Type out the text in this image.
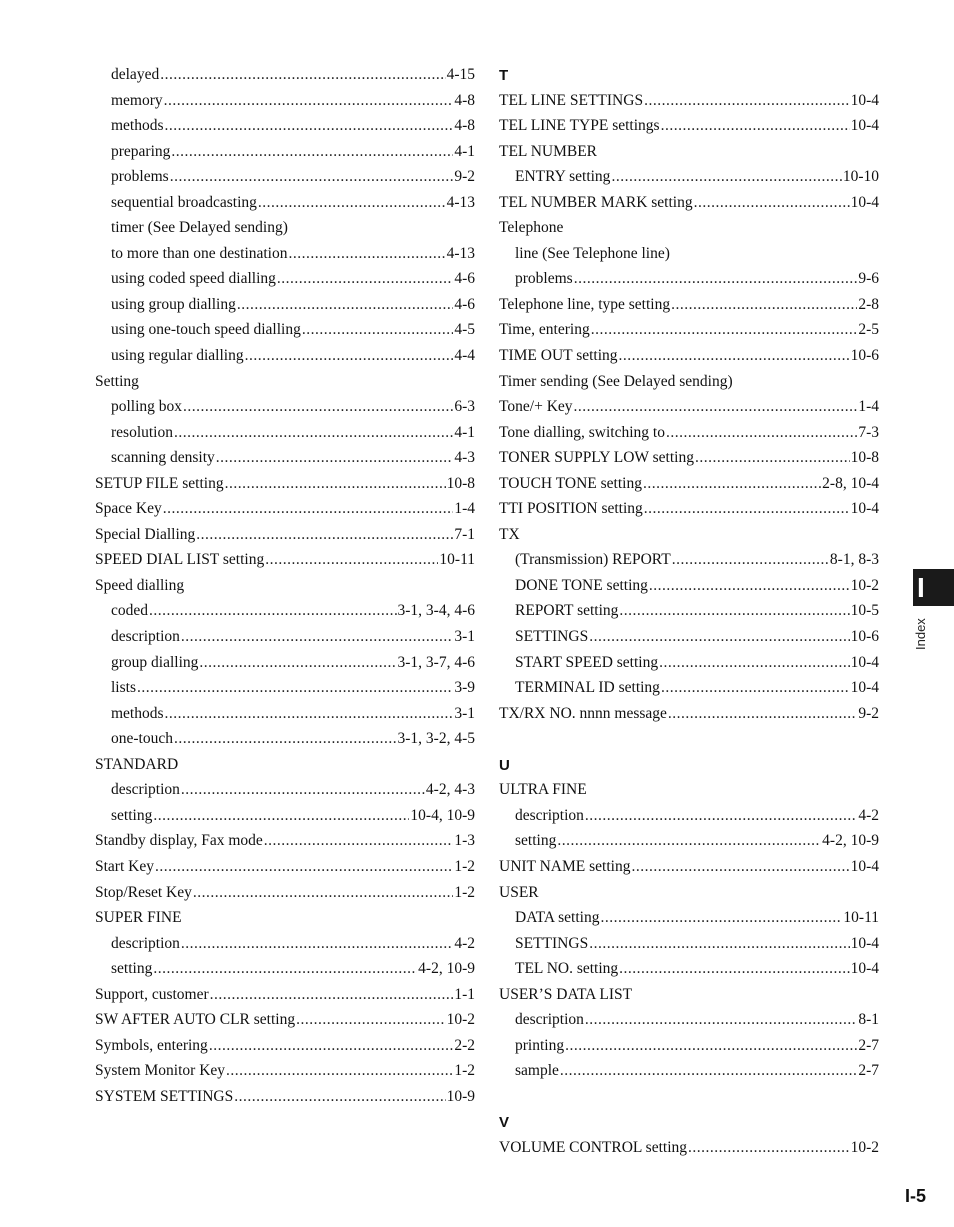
delayed .....	4-15
memory .....	4-8
methods .....	4-8
preparing .....	4-1
problems .....	9-2
sequential broadcasting .....	4-13
timer (See Delayed sending)
to more than one destination .....	4-13
using coded speed dialling .....	4-6
using group dialling .....	4-6
using one-touch speed dialling .....	4-5
using regular dialling .....	4-4
Setting
polling box .....	6-3
resolution .....	4-1
scanning density .....	4-3
SETUP FILE setting .....	10-8
Space Key .....	1-4
Special Dialling .....	7-1
SPEED DIAL LIST setting .....	10-11
Speed dialling
coded .....	3-1, 3-4, 4-6
description .....	3-1
group dialling .....	3-1, 3-7, 4-6
lists .....	3-9
methods .....	3-1
one-touch .....	3-1, 3-2, 4-5
STANDARD
description .....	4-2, 4-3
setting .....	10-4, 10-9
Standby display, Fax mode .....	1-3
Start Key .....	1-2
Stop/Reset Key .....	1-2
SUPER FINE
description .....	4-2
setting .....	4-2, 10-9
Support, customer .....	1-1
SW AFTER AUTO CLR setting .....	10-2
Symbols, entering .....	2-2
System Monitor Key .....	1-2
SYSTEM SETTINGS .....	10-9
T
TEL LINE SETTINGS .....	10-4
TEL LINE TYPE settings .....	10-4
TEL NUMBER
ENTRY setting .....	10-10
TEL NUMBER MARK setting .....	10-4
Telephone
line (See Telephone line)
problems .....	9-6
Telephone line, type setting .....	2-8
Time, entering .....	2-5
TIME OUT setting .....	10-6
Timer sending (See Delayed sending)
Tone/+ Key .....	1-4
Tone dialling, switching to .....	7-3
TONER SUPPLY LOW setting .....	10-8
TOUCH TONE setting .....	2-8, 10-4
TTI POSITION setting .....	10-4
TX
(Transmission) REPORT .....	8-1, 8-3
DONE TONE setting .....	10-2
REPORT setting .....	10-5
SETTINGS .....	10-6
START SPEED setting .....	10-4
TERMINAL ID setting .....	10-4
TX/RX NO. nnnn message .....	9-2
U
ULTRA FINE
description .....	4-2
setting .....	4-2, 10-9
UNIT NAME setting .....	10-4
USER
DATA setting .....	10-11
SETTINGS .....	10-4
TEL NO. setting .....	10-4
USER’S DATA LIST
description .....	8-1
printing .....	2-7
sample .....	2-7
V
VOLUME CONTROL setting .....	10-2
I
Index
I-5
